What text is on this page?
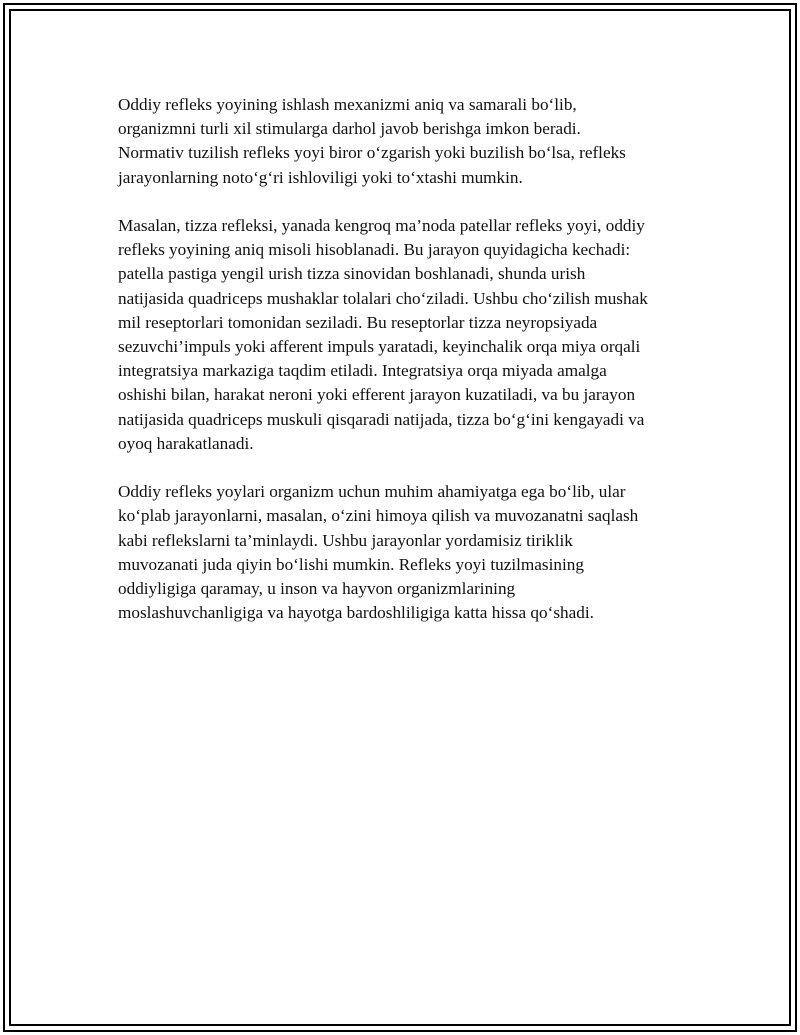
Oddiy refleks yoyining ishlash mexanizmi aniq va samarali bo‘lib,
organizmni turli xil stimularga darhol javob berishga imkon beradi.
Normativ tuzilish refleks yoyi biror o‘zgarish yoki buzilish bo‘lsa, refleks
jarayonlarning noto‘g‘ri ishloviligi yoki to‘xtashi mumkin.

Masalan, tizza refleksi, yanada kengroq ma’noda patellar refleks yoyi, oddiy
refleks yoyining aniq misoli hisoblanadi. Bu jarayon quyidagicha kechadi:
patella pastiga yengil urish tizza sinovidan boshlanadi, shunda urish
natijasida quadriceps mushaklar tolalari cho‘ziladi. Ushbu cho‘zilish mushak
mil reseptorlari tomonidan seziladi. Bu reseptorlar tizza neyropsiyada
sezuvchi’impuls yoki afferent impuls yaratadi, keyinchalik orqa miya orqali
integratsiya markaziga taqdim etiladi. Integratsiya orqa miyada amalga
oshishi bilan, harakat neroni yoki efferent jarayon kuzatiladi, va bu jarayon
natijasida quadriceps muskuli qisqaradi natijada, tizza bo‘g‘ini kengayadi va
oyoq harakatlanadi.

Oddiy refleks yoylari organizm uchun muhim ahamiyatga ega bo‘lib, ular
ko‘plab jarayonlarni, masalan, o‘zini himoya qilish va muvozanatni saqlash
kabi reflekslarni ta’minlaydi. Ushbu jarayonlar yordamisiz tiriklik
muvozanati juda qiyin bo‘lishi mumkin. Refleks yoyi tuzilmasining
oddiyligiga qaramay, u inson va hayvon organizmlarining
moslashuvchanligiga va hayotga bardoshliligiga katta hissa qo‘shadi.
